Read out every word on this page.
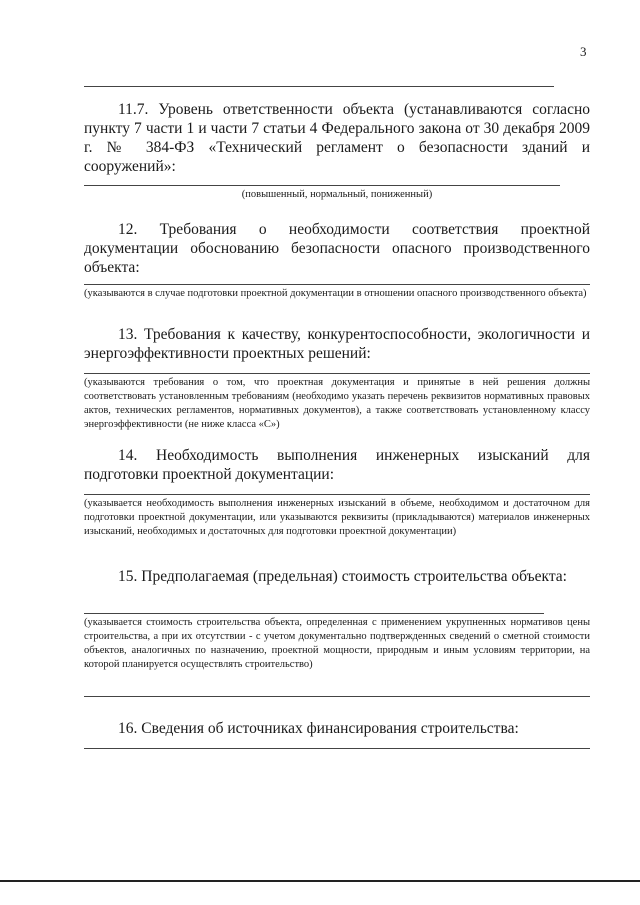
3
11.7. Уровень ответственности объекта (устанавливаются согласно пункту 7 части 1 и части 7 статьи 4 Федерального закона от 30 декабря 2009 г. № 384-ФЗ «Технический регламент о безопасности зданий и сооружений»:
(повышенный, нормальный, пониженный)
12. Требования о необходимости соответствия проектной документации обоснованию безопасности опасного производственного объекта:
(указываются в случае подготовки проектной документации в отношении опасного производственного объекта)
13. Требования к качеству, конкурентоспособности, экологичности и энергоэффективности проектных решений:
(указываются требования о том, что проектная документация и принятые в ней решения должны соответствовать установленным требованиям (необходимо указать перечень реквизитов нормативных правовых актов, технических регламентов, нормативных документов), а также соответствовать установленному классу энергоэффективности (не ниже класса «С»)
14. Необходимость выполнения инженерных изысканий для подготовки проектной документации:
(указывается необходимость выполнения инженерных изысканий в объеме, необходимом и достаточном для подготовки проектной документации, или указываются реквизиты (прикладываются) материалов инженерных изысканий, необходимых и достаточных для подготовки проектной документации)
15. Предполагаемая (предельная) стоимость строительства объекта:
(указывается стоимость строительства объекта, определенная с применением укрупненных нормативов цены строительства, а при их отсутствии - с учетом документально подтвержденных сведений о сметной стоимости объектов, аналогичных по назначению, проектной мощности, природным и иным условиям территории, на которой планируется осуществлять строительство)
16. Сведения об источниках финансирования строительства:
